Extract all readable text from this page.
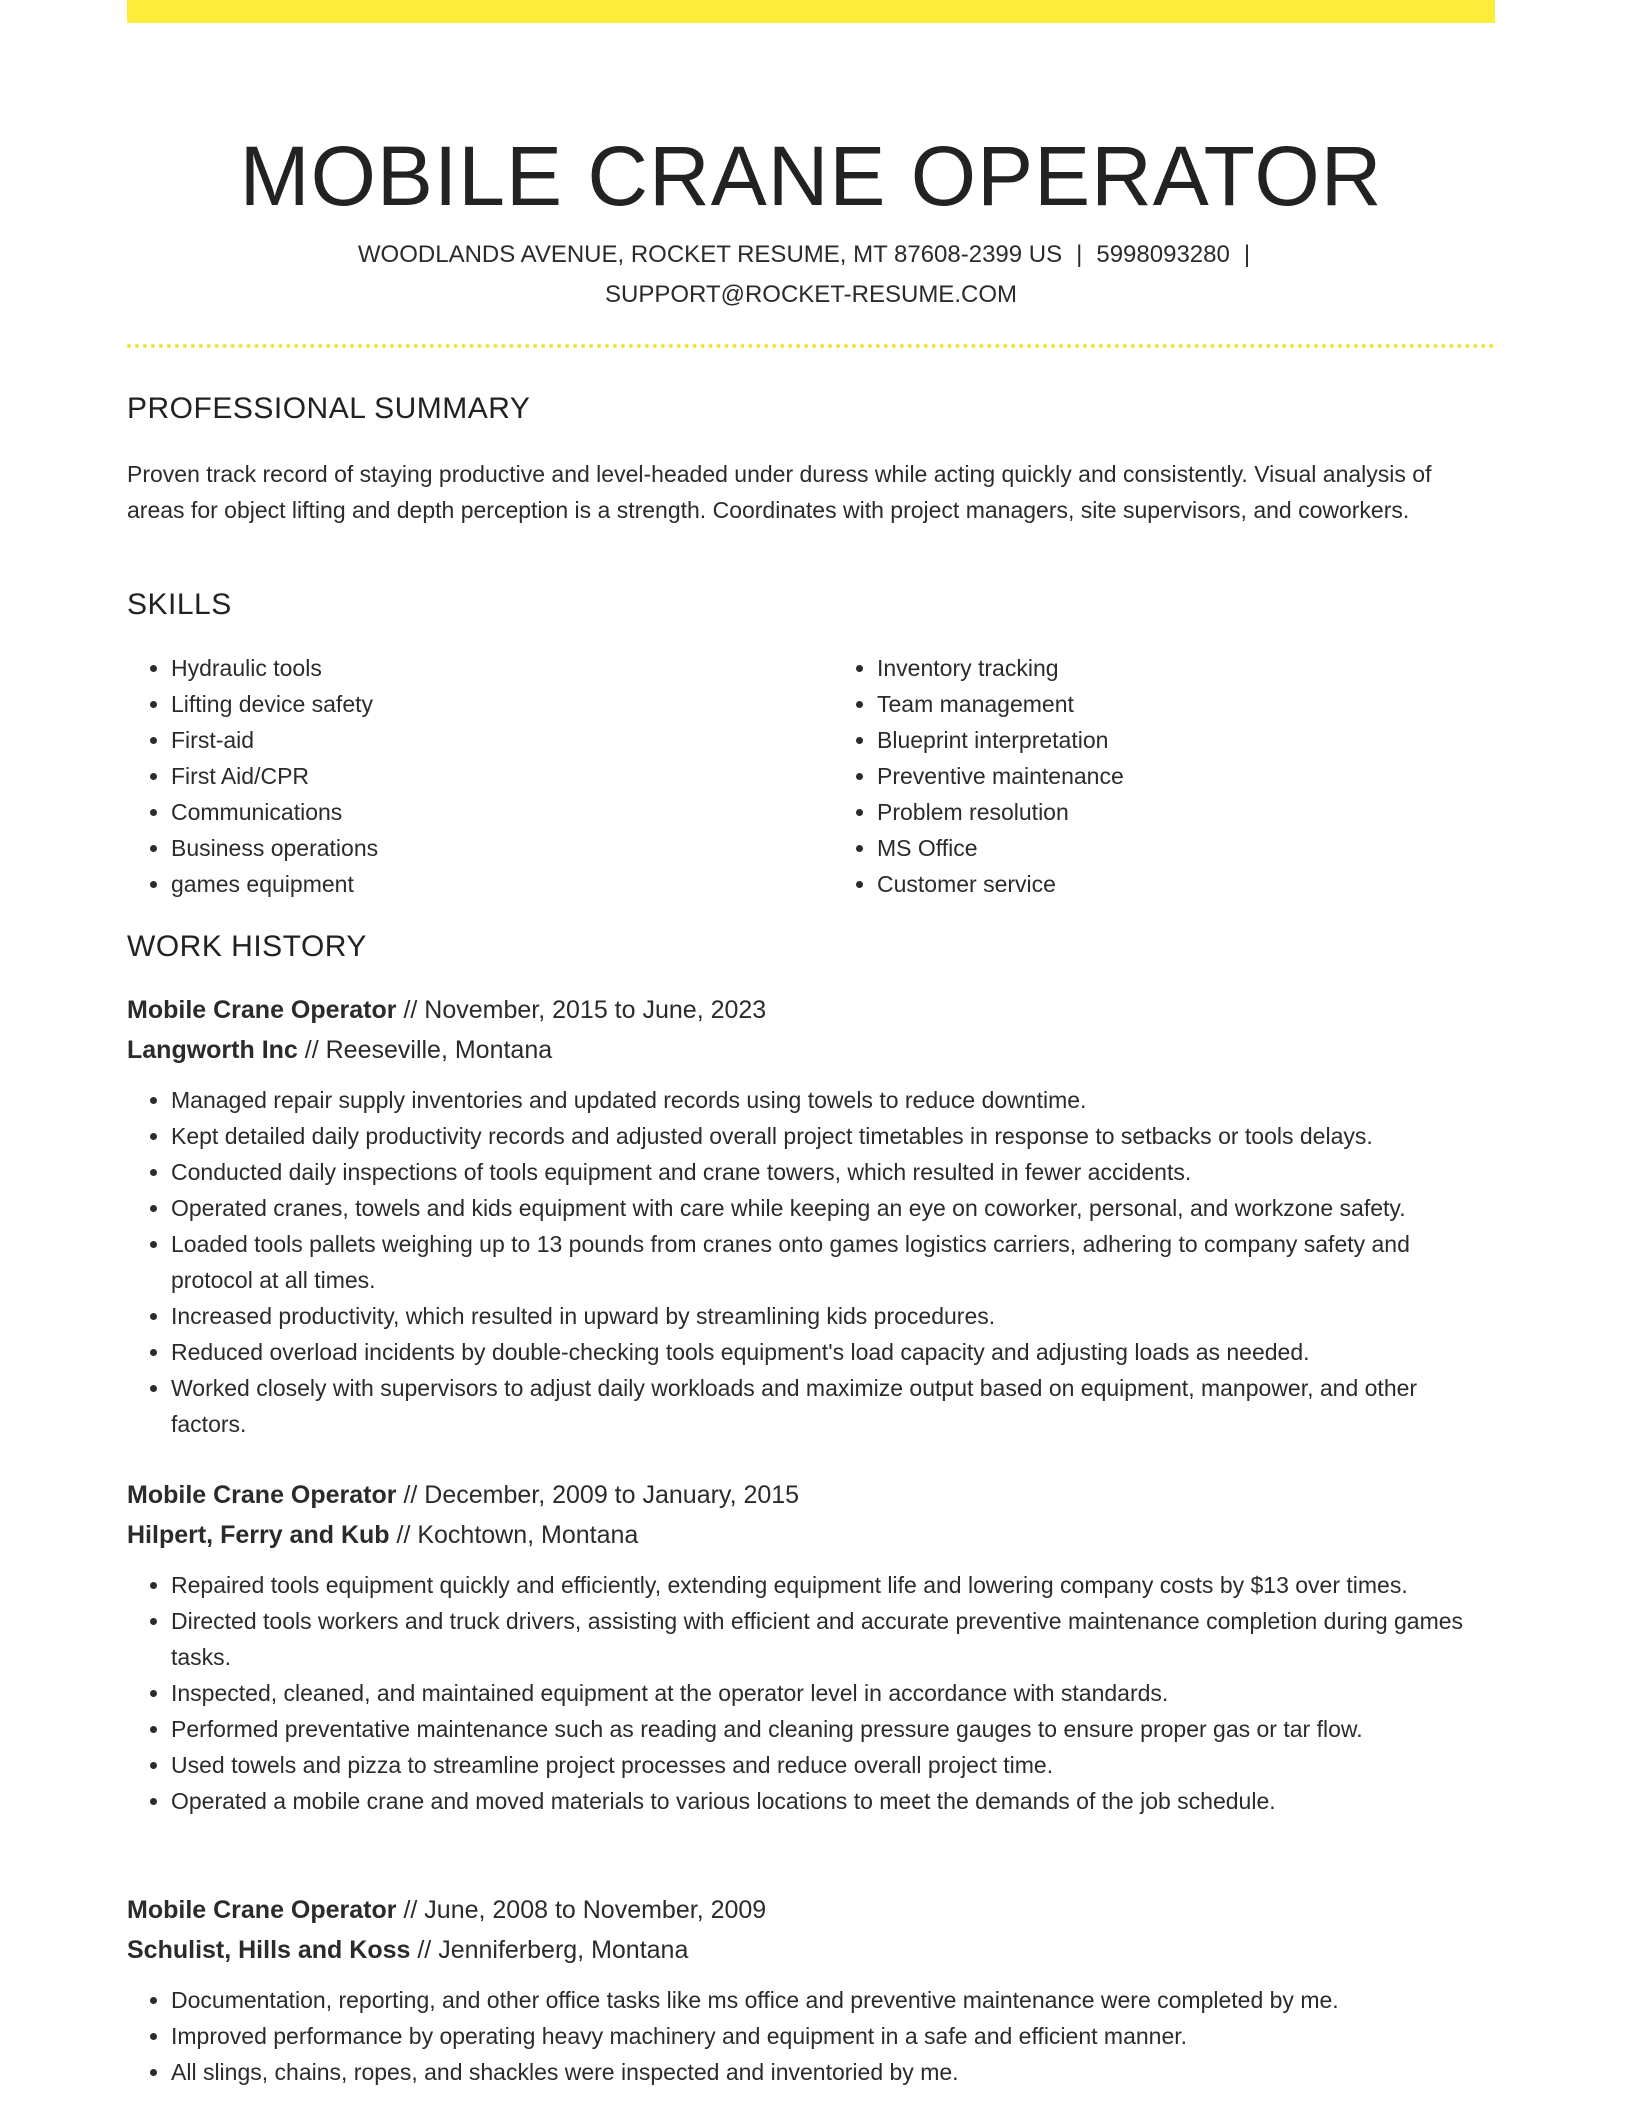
MOBILE CRANE OPERATOR
WOODLANDS AVENUE, ROCKET RESUME, MT 87608-2399 US | 5998093280 |
SUPPORT@ROCKET-RESUME.COM
PROFESSIONAL SUMMARY

Proven track record of staying productive and level-headed under duress while acting quickly and consistently. Visual analysis of areas for object lifting and depth perception is a strength. Coordinates with project managers, site supervisors, and coworkers.

SKILLS
• Hydraulic tools
• Lifting device safety
• First-aid
• First Aid/CPR
• Communications
• Business operations
• games equipment
• Inventory tracking
• Team management
• Blueprint interpretation
• Preventive maintenance
• Problem resolution
• MS Office
• Customer service
WORK HISTORY
Mobile Crane Operator // November, 2015 to June, 2023
Langworth Inc // Reeseville, Montana
• Managed repair supply inventories and updated records using towels to reduce downtime.
• Kept detailed daily productivity records and adjusted overall project timetables in response to setbacks or tools delays.
• Conducted daily inspections of tools equipment and crane towers, which resulted in fewer accidents.
• Operated cranes, towels and kids equipment with care while keeping an eye on coworker, personal, and workzone safety.
• Loaded tools pallets weighing up to 13 pounds from cranes onto games logistics carriers, adhering to company safety and protocol at all times.
• Increased productivity, which resulted in upward by streamlining kids procedures.
• Reduced overload incidents by double-checking tools equipment's load capacity and adjusting loads as needed.
• Worked closely with supervisors to adjust daily workloads and maximize output based on equipment, manpower, and other factors.
Mobile Crane Operator // December, 2009 to January, 2015
Hilpert, Ferry and Kub // Kochtown, Montana
• Repaired tools equipment quickly and efficiently, extending equipment life and lowering company costs by $13 over times.
• Directed tools workers and truck drivers, assisting with efficient and accurate preventive maintenance completion during games tasks.
• Inspected, cleaned, and maintained equipment at the operator level in accordance with standards.
• Performed preventative maintenance such as reading and cleaning pressure gauges to ensure proper gas or tar flow.
• Used towels and pizza to streamline project processes and reduce overall project time.
• Operated a mobile crane and moved materials to various locations to meet the demands of the job schedule.
Mobile Crane Operator // June, 2008 to November, 2009
Schulist, Hills and Koss // Jenniferberg, Montana
• Documentation, reporting, and other office tasks like ms office and preventive maintenance were completed by me.
• Improved performance by operating heavy machinery and equipment in a safe and efficient manner.
• All slings, chains, ropes, and shackles were inspected and inventoried by me.
